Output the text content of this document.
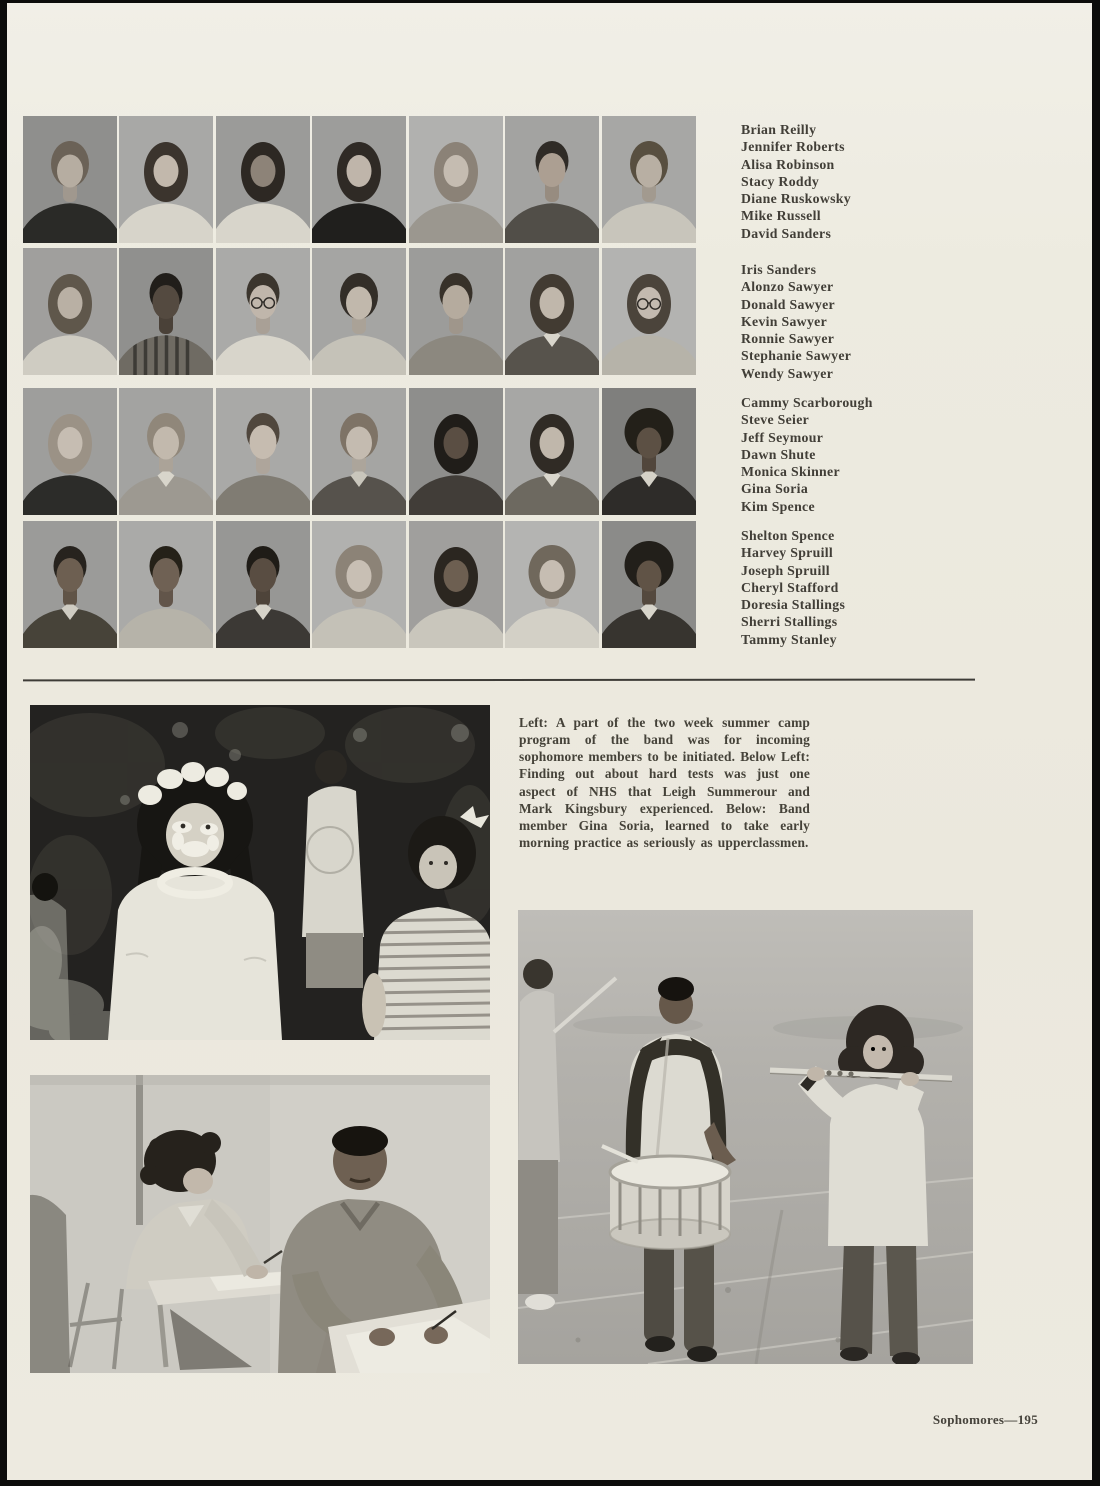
Brian Reilly
Jennifer Roberts
Alisa Robinson
Stacy Roddy
Diane Ruskowsky
Mike Russell
David Sanders
Iris Sanders
Alonzo Sawyer
Donald Sawyer
Kevin Sawyer
Ronnie Sawyer
Stephanie Sawyer
Wendy Sawyer
Cammy Scarborough
Steve Seier
Jeff Seymour
Dawn Shute
Monica Skinner
Gina Soria
Kim Spence
Shelton Spence
Harvey Spruill
Joseph Spruill
Cheryl Stafford
Doresia Stallings
Sherri Stallings
Tammy Stanley

Left: A part of the two week summer camp program of the band was for incoming sophomore members to be initiated. Below Left: Finding out about hard tests was just one aspect of NHS that Leigh Summerour and Mark Kingsbury experienced. Below: Band member Gina Soria, learned to take early morning practice as seriously as upperclassmen.

Sophomores—195
